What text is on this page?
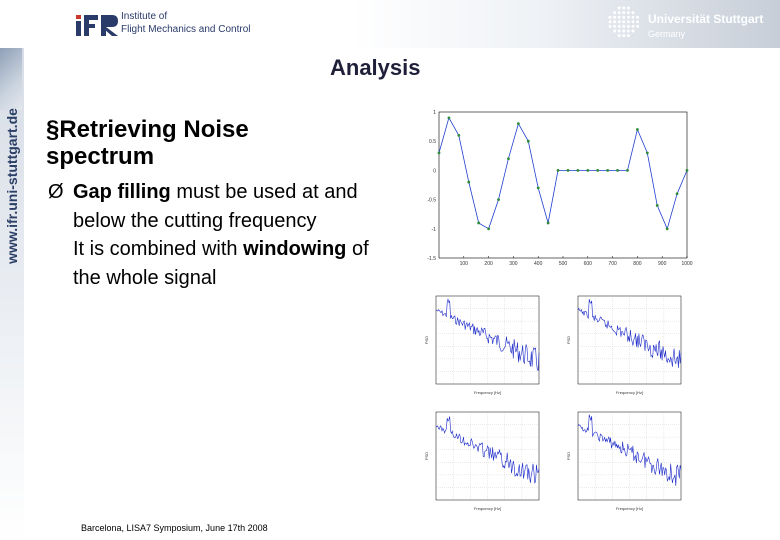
Institute of
Flight Mechanics and Control
Universität Stuttgart
Germany
www.ifr.uni-stuttgart.de
Analysis
§Retrieving Noise spectrum
Ø Gap filling must be used at and below the cutting frequency
It is combined with windowing of the whole signal
100	200	300	400	500	600	700	800	900	1000
1
0.5
0
-0.5
-1
-1.5
Frequency [Hz]
PSD
Frequency [Hz]
PSD
Frequency [Hz]
PSD
Frequency [Hz]
PSD
Barcelona, LISA7 Symposium, June 17th 2008
